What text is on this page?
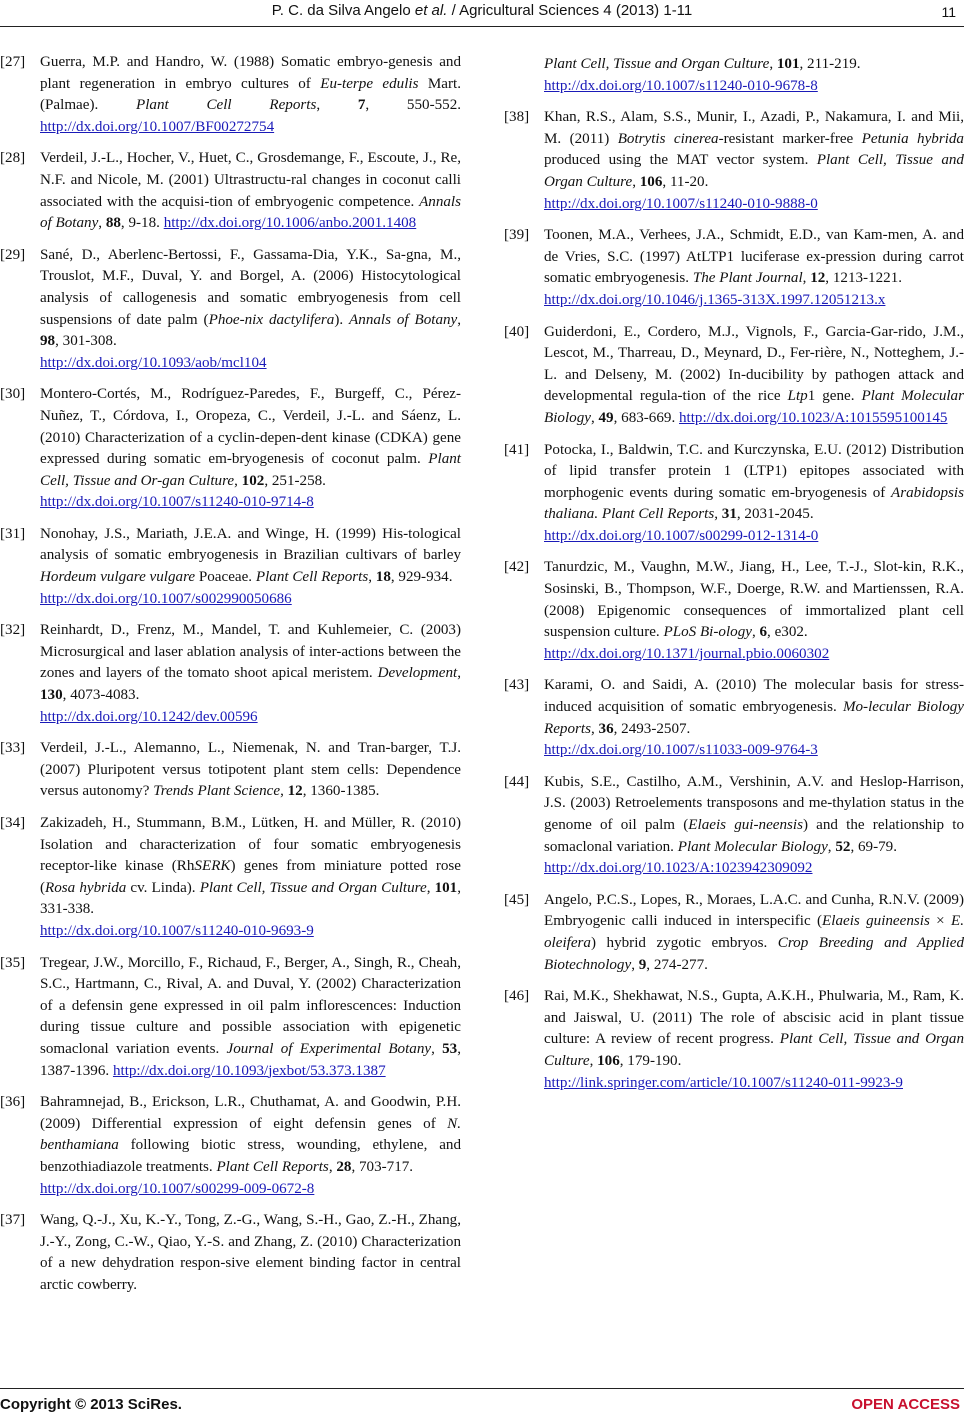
P. C. da Silva Angelo et al. / Agricultural Sciences 4 (2013) 1-11	11
[27] Guerra, M.P. and Handro, W. (1988) Somatic embryo-genesis and plant regeneration in embryo cultures of Eu-terpe edulis Mart. (Palmae). Plant Cell Reports, 7, 550-552. http://dx.doi.org/10.1007/BF00272754
[28] Verdeil, J.-L., Hocher, V., Huet, C., Grosdemange, F., Escoute, J., Re, N.F. and Nicole, M. (2001) Ultrastructu-ral changes in coconut calli associated with the acquisi-tion of embryogenic competence. Annals of Botany, 88, 9-18. http://dx.doi.org/10.1006/anbo.2001.1408
[29] Sané, D., Aberlenc-Bertossi, F., Gassama-Dia, Y.K., Sa-gna, M., Trouslot, M.F., Duval, Y. and Borgel, A. (2006) Histocytological analysis of callogenesis and somatic embryogenesis from cell suspensions of date palm (Phoe-nix dactylifera). Annals of Botany, 98, 301-308.
http://dx.doi.org/10.1093/aob/mcl104
[30] Montero-Cortés, M., Rodríguez-Paredes, F., Burgeff, C., Pérez-Nuñez, T., Córdova, I., Oropeza, C., Verdeil, J.-L. and Sáenz, L. (2010) Characterization of a cyclin-depen-dent kinase (CDKA) gene expressed during somatic em-bryogenesis of coconut palm. Plant Cell, Tissue and Or-gan Culture, 102, 251-258.
http://dx.doi.org/10.1007/s11240-010-9714-8
[31] Nonohay, J.S., Mariath, J.E.A. and Winge, H. (1999) His-tological analysis of somatic embryogenesis in Brazilian cultivars of barley Hordeum vulgare vulgare Poaceae. Plant Cell Reports, 18, 929-934.
http://dx.doi.org/10.1007/s002990050686
[32] Reinhardt, D., Frenz, M., Mandel, T. and Kuhlemeier, C. (2003) Microsurgical and laser ablation analysis of inter-actions between the zones and layers of the tomato shoot apical meristem. Development, 130, 4073-4083.
http://dx.doi.org/10.1242/dev.00596
[33] Verdeil, J.-L., Alemanno, L., Niemenak, N. and Tran-barger, T.J. (2007) Pluripotent versus totipotent plant stem cells: Dependence versus autonomy? Trends Plant Science, 12, 1360-1385.
[34] Zakizadeh, H., Stummann, B.M., Lütken, H. and Müller, R. (2010) Isolation and characterization of four somatic embryogenesis receptor-like kinase (RhSERK) genes from miniature potted rose (Rosa hybrida cv. Linda). Plant Cell, Tissue and Organ Culture, 101, 331-338.
http://dx.doi.org/10.1007/s11240-010-9693-9
[35] Tregear, J.W., Morcillo, F., Richaud, F., Berger, A., Singh, R., Cheah, S.C., Hartmann, C., Rival, A. and Duval, Y. (2002) Characterization of a defensin gene expressed in oil palm inflorescences: Induction during tissue culture and possible association with epigenetic somaclonal variation events. Journal of Experimental Botany, 53, 1387-1396. http://dx.doi.org/10.1093/jexbot/53.373.1387
[36] Bahramnejad, B., Erickson, L.R., Chuthamat, A. and Goodwin, P.H. (2009) Differential expression of eight defensin genes of N. benthamiana following biotic stress, wounding, ethylene, and benzothiadiazole treatments. Plant Cell Reports, 28, 703-717.
http://dx.doi.org/10.1007/s00299-009-0672-8
[37] Wang, Q.-J., Xu, K.-Y., Tong, Z.-G., Wang, S.-H., Gao, Z.-H., Zhang, J.-Y., Zong, C.-W., Qiao, Y.-S. and Zhang, Z. (2010) Characterization of a new dehydration respon-sive element binding factor in central arctic cowberry.
Plant Cell, Tissue and Organ Culture, 101, 211-219.
http://dx.doi.org/10.1007/s11240-010-9678-8
[38] Khan, R.S., Alam, S.S., Munir, I., Azadi, P., Nakamura, I. and Mii, M. (2011) Botrytis cinerea-resistant marker-free Petunia hybrida produced using the MAT vector system. Plant Cell, Tissue and Organ Culture, 106, 11-20.
http://dx.doi.org/10.1007/s11240-010-9888-0
[39] Toonen, M.A., Verhees, J.A., Schmidt, E.D., van Kam-men, A. and de Vries, S.C. (1997) AtLTP1 luciferase ex-pression during carrot somatic embryogenesis. The Plant Journal, 12, 1213-1221.
http://dx.doi.org/10.1046/j.1365-313X.1997.12051213.x
[40] Guiderdoni, E., Cordero, M.J., Vignols, F., Garcia-Gar-rido, J.M., Lescot, M., Tharreau, D., Meynard, D., Fer-rière, N., Notteghem, J.-L. and Delseny, M. (2002) In-ducibility by pathogen attack and developmental regula-tion of the rice Ltp1 gene. Plant Molecular Biology, 49, 683-669. http://dx.doi.org/10.1023/A:1015595100145
[41] Potocka, I., Baldwin, T.C. and Kurczynska, E.U. (2012) Distribution of lipid transfer protein 1 (LTP1) epitopes associated with morphogenic events during somatic em-bryogenesis of Arabidopsis thaliana. Plant Cell Reports, 31, 2031-2045.
http://dx.doi.org/10.1007/s00299-012-1314-0
[42] Tanurdzic, M., Vaughn, M.W., Jiang, H., Lee, T.-J., Slot-kin, R.K., Sosinski, B., Thompson, W.F., Doerge, R.W. and Martienssen, R.A. (2008) Epigenomic consequences of immortalized plant cell suspension culture. PLoS Bi-ology, 6, e302.
http://dx.doi.org/10.1371/journal.pbio.0060302
[43] Karami, O. and Saidi, A. (2010) The molecular basis for stress-induced acquisition of somatic embryogenesis. Mo-lecular Biology Reports, 36, 2493-2507.
http://dx.doi.org/10.1007/s11033-009-9764-3
[44] Kubis, S.E., Castilho, A.M., Vershinin, A.V. and Heslop-Harrison, J.S. (2003) Retroelements transposons and me-thylation status in the genome of oil palm (Elaeis gui-neensis) and the relationship to somaclonal variation. Plant Molecular Biology, 52, 69-79.
http://dx.doi.org/10.1023/A:1023942309092
[45] Angelo, P.C.S., Lopes, R., Moraes, L.A.C. and Cunha, R.N.V. (2009) Embryogenic calli induced in interspecific (Elaeis guineensis × E. oleifera) hybrid zygotic embryos. Crop Breeding and Applied Biotechnology, 9, 274-277.
[46] Rai, M.K., Shekhawat, N.S., Gupta, A.K.H., Phulwaria, M., Ram, K. and Jaiswal, U. (2011) The role of abscisic acid in plant tissue culture: A review of recent progress. Plant Cell, Tissue and Organ Culture, 106, 179-190.
http://link.springer.com/article/10.1007/s11240-011-9923-9
Copyright © 2013 SciRes.	OPEN ACCESS
